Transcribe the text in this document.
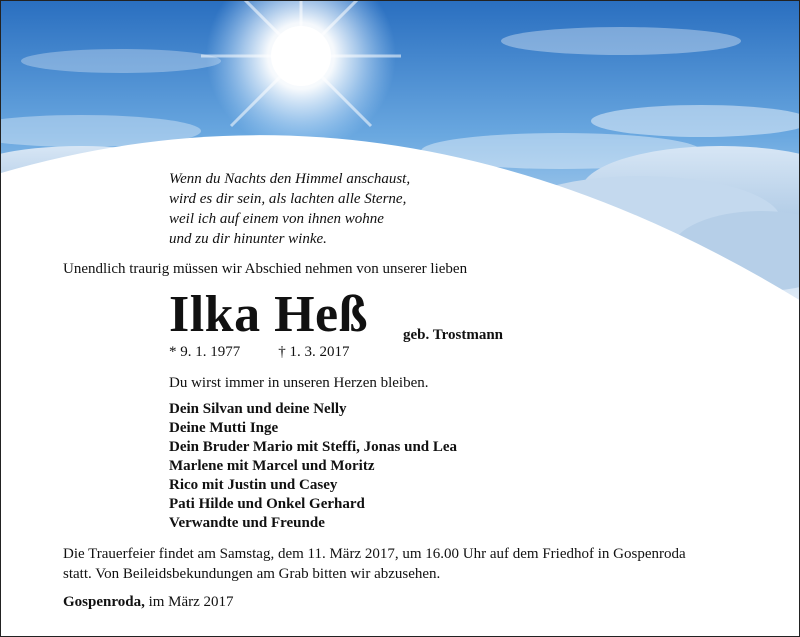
Wenn du Nachts den Himmel anschaust,
wird es dir sein, als lachten alle Sterne,
weil ich auf einem von ihnen wohne
und zu dir hinunter winke.
Unendlich traurig müssen wir Abschied nehmen von unserer lieben
Ilka Heß geb. Trostmann
* 9. 1. 1977	† 1. 3. 2017
Du wirst immer in unseren Herzen bleiben.
Dein Silvan und deine Nelly
Deine Mutti Inge
Dein Bruder Mario mit Steffi, Jonas und Lea
Marlene mit Marcel und Moritz
Rico mit Justin und Casey
Pati Hilde und Onkel Gerhard
Verwandte und Freunde
Die Trauerfeier findet am Samstag, dem 11. März 2017, um 16.00 Uhr auf dem Friedhof in Gospenroda
statt. Von Beileidsbekundungen am Grab bitten wir abzusehen.
Gospenroda, im März 2017
